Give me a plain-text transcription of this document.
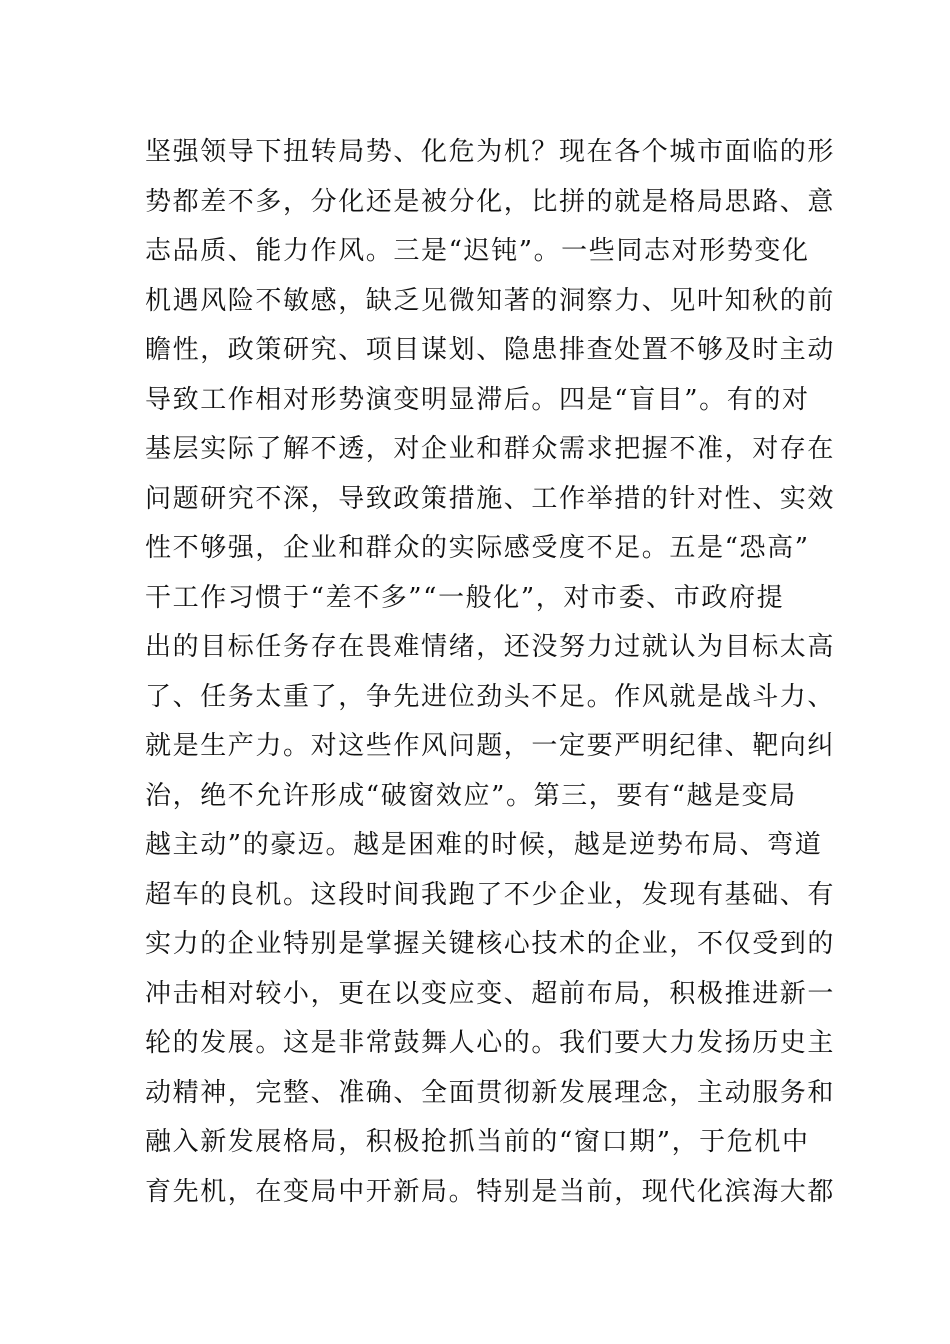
坚强领导下扭转局势、化危为机？现在各个城市面临的形
势都差不多，分化还是被分化，比拼的就是格局思路、意
志品质、能力作风。三是“迟钝”。一些同志对形势变化
机遇风险不敏感，缺乏见微知著的洞察力、见叶知秋的前
瞻性，政策研究、项目谋划、隐患排查处置不够及时主动
导致工作相对形势演变明显滞后。四是“盲目”。有的对
基层实际了解不透，对企业和群众需求把握不准，对存在
问题研究不深，导致政策措施、工作举措的针对性、实效
性不够强，企业和群众的实际感受度不足。五是“恐高”
干工作习惯于“差不多”“一般化”，对市委、市政府提
出的目标任务存在畏难情绪，还没努力过就认为目标太高
了、任务太重了，争先进位劲头不足。作风就是战斗力、
就是生产力。对这些作风问题，一定要严明纪律、靶向纠
治，绝不允许形成“破窗效应”。第三，要有“越是变局
越主动”的豪迈。越是困难的时候，越是逆势布局、弯道
超车的良机。这段时间我跑了不少企业，发现有基础、有
实力的企业特别是掌握关键核心技术的企业，不仅受到的
冲击相对较小，更在以变应变、超前布局，积极推进新一
轮的发展。这是非常鼓舞人心的。我们要大力发扬历史主
动精神，完整、准确、全面贯彻新发展理念，主动服务和
融入新发展格局，积极抢抓当前的“窗口期”，于危机中
育先机，在变局中开新局。特别是当前，现代化滨海大都
